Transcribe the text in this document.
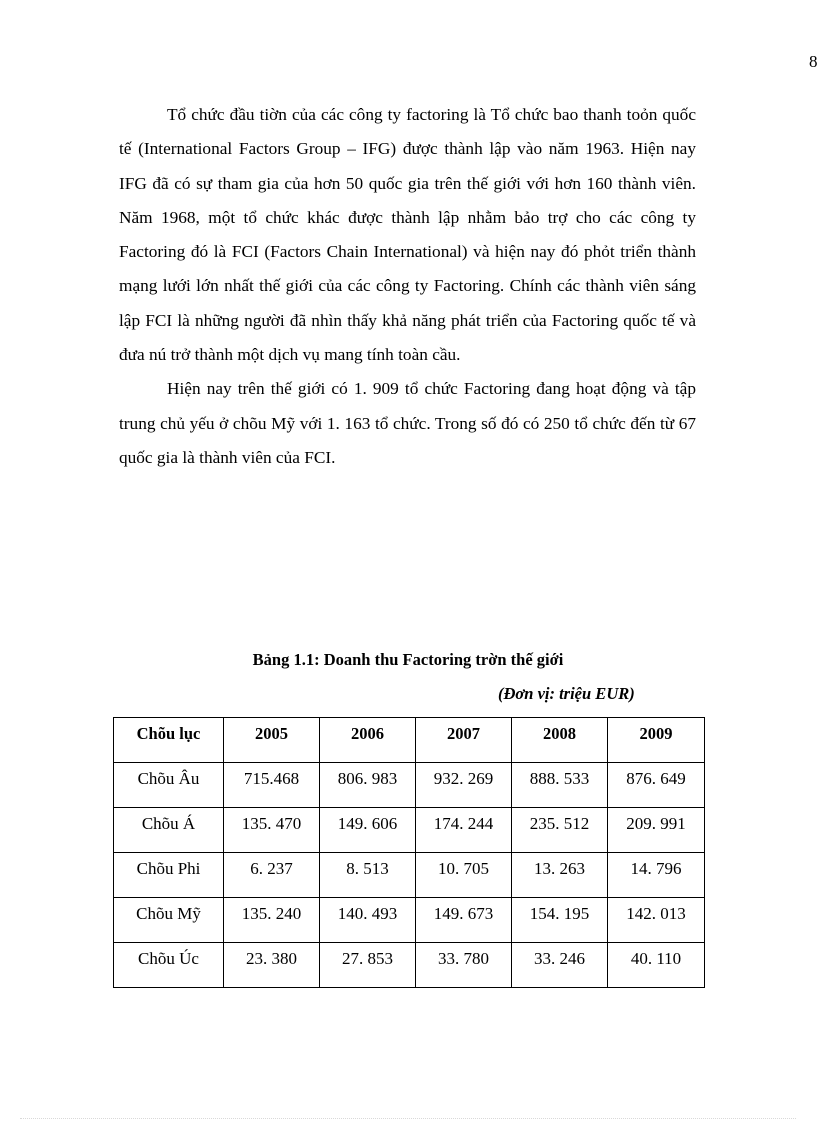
8

Tổ chức đầu tiờn của các công ty factoring là Tổ chức bao thanh toỏn quốc tế (International Factors Group – IFG) được thành lập vào năm 1963. Hiện nay IFG đã có sự tham gia của hơn 50 quốc gia trên thế giới với hơn 160 thành viên. Năm 1968, một tổ chức khác được thành lập nhằm bảo trợ cho các công ty Factoring đó là FCI (Factors Chain International) và hiện nay đó phỏt triển thành mạng lưới lớn nhất thế giới của các công ty Factoring. Chính các thành viên sáng lập FCI là những người đã nhìn thấy khả năng phát triển của Factoring quốc tế và đưa nú trở thành một dịch vụ mang tính toàn cầu.

Hiện nay trên thế giới có 1. 909 tổ chức Factoring đang hoạt động và tập trung chủ yếu ở chõu Mỹ với 1. 163 tổ chức. Trong số đó có 250 tổ chức đến từ 67 quốc gia là thành viên của FCI.

Bảng 1.1: Doanh thu Factoring trờn thế giới

(Đơn vị: triệu EUR)

Chõu lục	2005	2006	2007	2008	2009
Chõu Âu	715.468	806. 983	932. 269	888. 533	876. 649
Chõu Á	135. 470	149. 606	174. 244	235. 512	209. 991
Chõu Phi	6. 237	8. 513	10. 705	13. 263	14. 796
Chõu Mỹ	135. 240	140. 493	149. 673	154. 195	142. 013
Chõu Úc	23. 380	27. 853	33. 780	33. 246	40. 110
